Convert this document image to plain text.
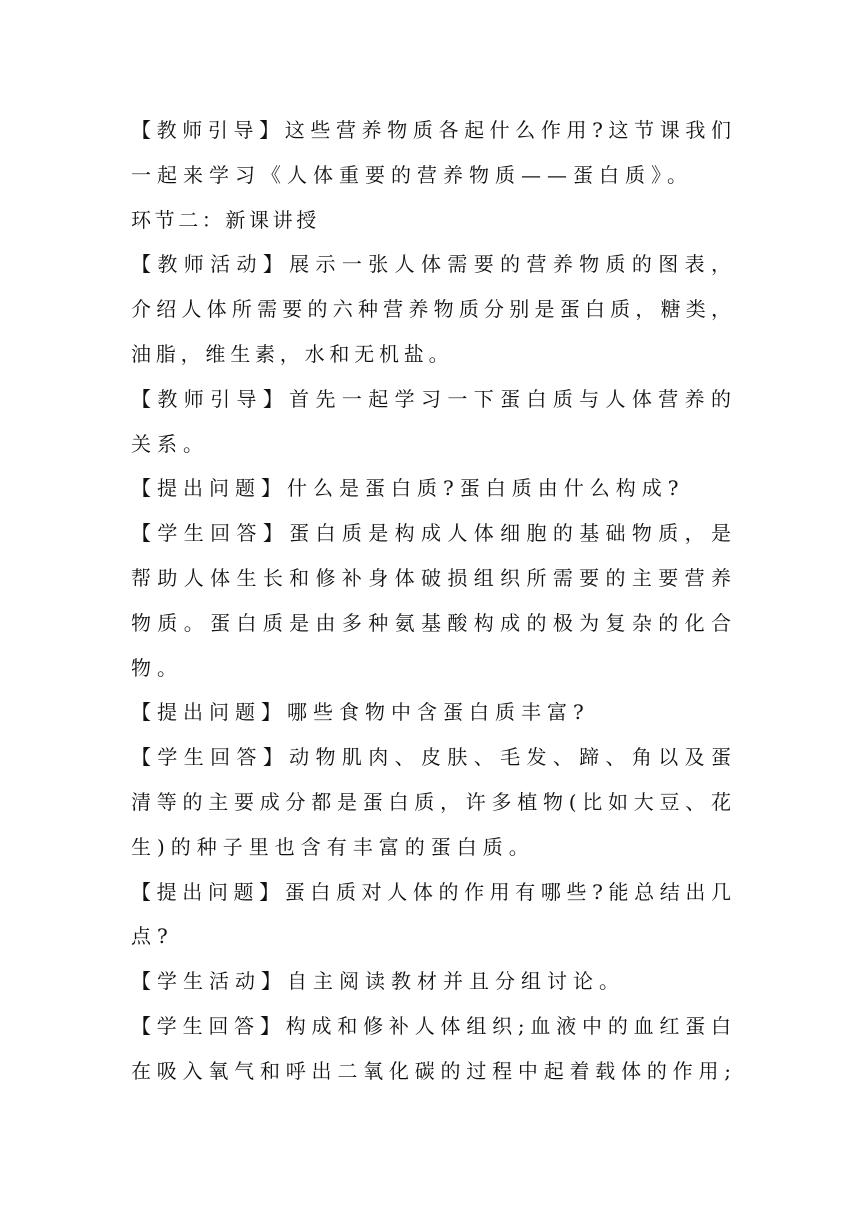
【教师引导】这些营养物质各起什么作用?这节课我们
一起来学习《人体重要的营养物质——蛋白质》。
环节二：新课讲授
【教师活动】展示一张人体需要的营养物质的图表，
介绍人体所需要的六种营养物质分别是蛋白质，糖类，
油脂，维生素，水和无机盐。
【教师引导】首先一起学习一下蛋白质与人体营养的
关系。
【提出问题】什么是蛋白质?蛋白质由什么构成?
【学生回答】蛋白质是构成人体细胞的基础物质，是
帮助人体生长和修补身体破损组织所需要的主要营养
物质。蛋白质是由多种氨基酸构成的极为复杂的化合
物。
【提出问题】哪些食物中含蛋白质丰富?
【学生回答】动物肌肉、皮肤、毛发、蹄、角以及蛋
清等的主要成分都是蛋白质，许多植物(比如大豆、花
生)的种子里也含有丰富的蛋白质。
【提出问题】蛋白质对人体的作用有哪些?能总结出几
点?
【学生活动】自主阅读教材并且分组讨论。
【学生回答】构成和修补人体组织;血液中的血红蛋白
在吸入氧气和呼出二氧化碳的过程中起着载体的作用;
